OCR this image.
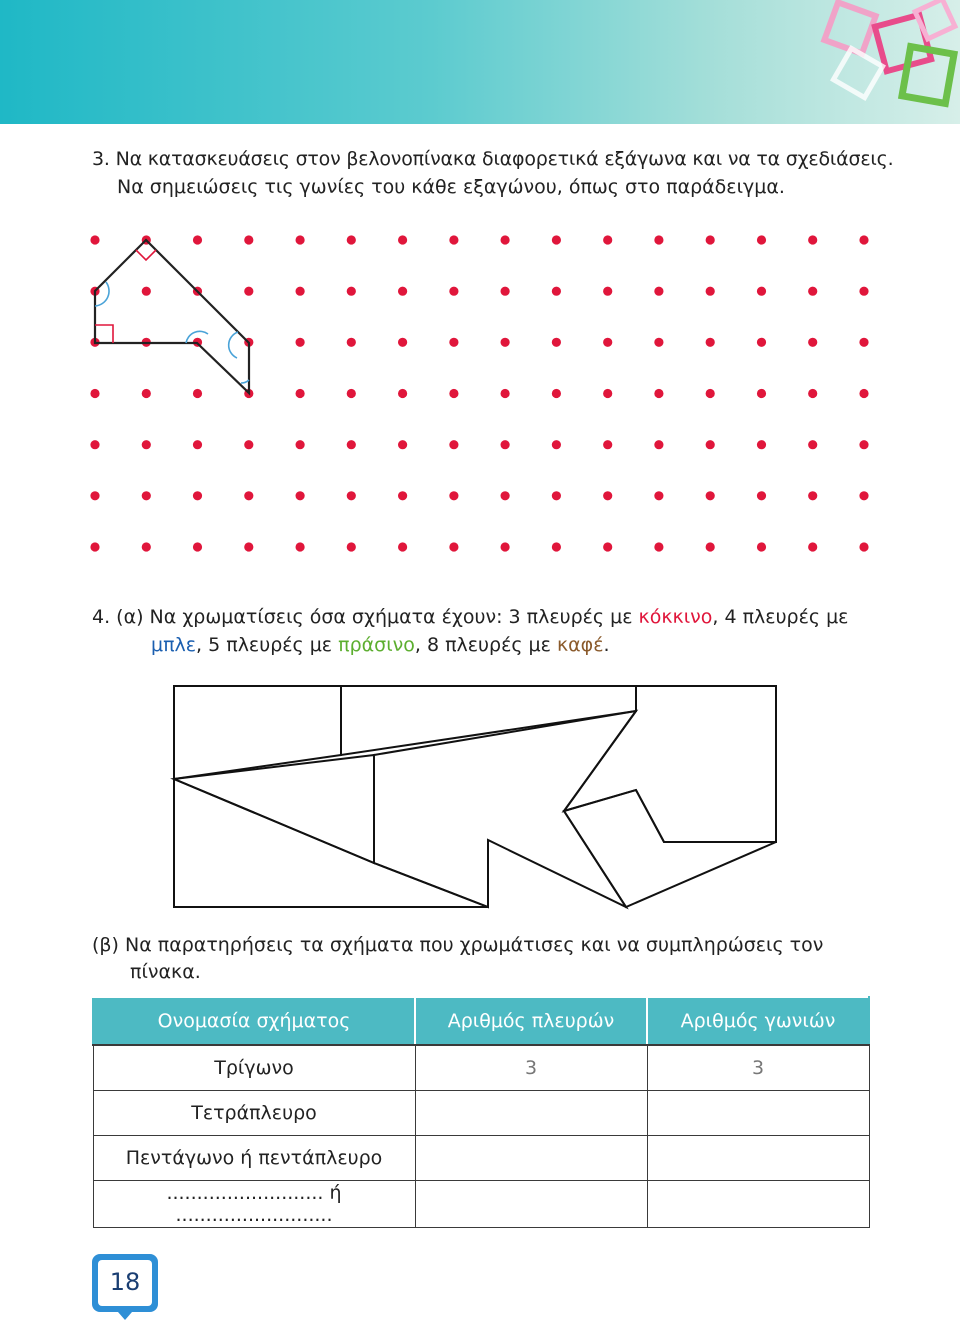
3. Να κατασκευάσεις στον βελονοπίνακα διαφορετικά εξάγωνα και να τα σχεδιάσεις.
Να σημειώσεις τις γωνίες του κάθε εξαγώνου, όπως στο παράδειγμα.
4. (α) Να χρωματίσεις όσα σχήματα έχουν: 3 πλευρές με κόκκινο, 4 πλευρές με
μπλε, 5 πλευρές με πράσινο, 8 πλευρές με καφέ.
(β) Να παρατηρήσεις τα σχήματα που χρωμάτισες και να συμπληρώσεις τον
πίνακα.
Ονομασία σχήματος	Αριθμός πλευρών	Αριθμός γωνιών
Τρίγωνο	3	3
Τετράπλευρο		
Πεντάγωνο ή πεντάπλευρο		
.......................... ή ..........................		
18
